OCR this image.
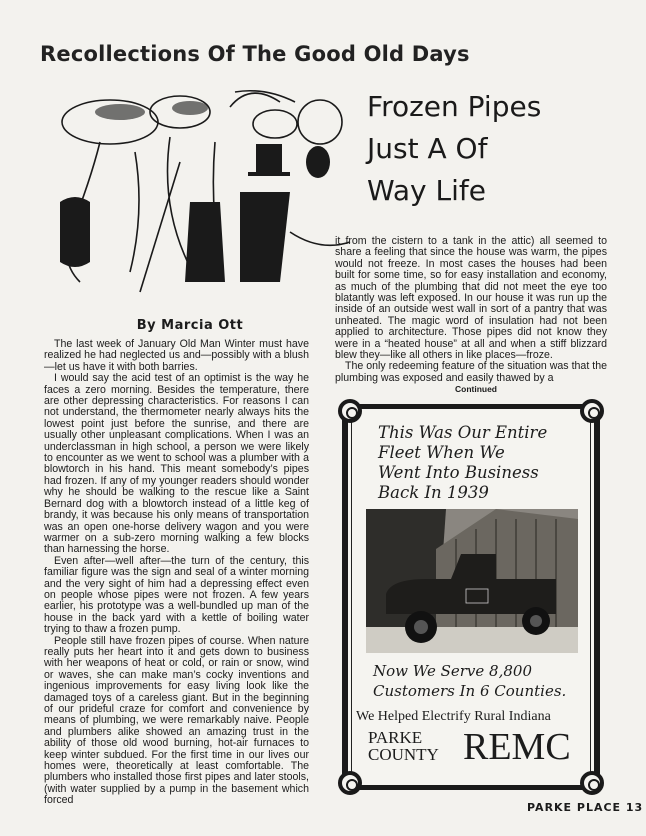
Recollections Of The Good Old Days
Frozen Pipes
Just A Of
Way Life
By Marcia Ott

The last week of January Old Man Winter must have realized he had neglected us and—possibly with a blush—let us have it with both barries.

I would say the acid test of an optimist is the way he faces a zero morning. Besides the temperature, there are other depressing characteristics. For reasons I can not understand, the thermometer nearly always hits the lowest point just before the sunrise, and there are usually other unpleasant complications. When I was an underclassman in high school, a person we were likely to encounter as we went to school was a plumber with a blowtorch in his hand. This meant somebody’s pipes had frozen. If any of my younger readers should wonder why he should be walking to the rescue like a Saint Bernard dog with a blowtorch instead of a little keg of brandy, it was because his only means of transportation was an open one-horse delivery wagon and you were warmer on a sub-zero morning walking a few blocks than harnessing the horse.

Even after—well after—the turn of the century, this familiar figure was the sign and seal of a winter morning and the very sight of him had a depressing effect even on people whose pipes were not frozen. A few years earlier, his prototype was a well-bundled up man of the house in the back yard with a kettle of boiling water trying to thaw a frozen pump.

People still have frozen pipes of course. When nature really puts her heart into it and gets down to business with her weapons of heat or cold, or rain or snow, wind or waves, she can make man’s cocky inventions and ingenious improvements for easy living look like the damaged toys of a careless giant. But in the beginning of our prideful craze for comfort and convenience by means of plumbing, we were remarkably naive. People and plumbers alike showed an amazing trust in the ability of those old wood burning, hot-air furnaces to keep winter subdued. For the first time in our lives our homes were, theoretically at least comfortable. The plumbers who installed those first pipes and later stools, (with water supplied by a pump in the basement which forced

it from the cistern to a tank in the attic) all seemed to share a feeling that since the house was warm, the pipes would not freeze. In most cases the houses had been built for some time, so for easy installation and economy, as much of the plumbing that did not meet the eye too blatantly was left exposed. In our house it was run up the inside of an outside west wall in sort of a pantry that was unheated. The magic word of insulation had not been applied to architecture. Those pipes did not know they were in a “heated house” at all and when a stiff blizzard blew they—like all others in like places—froze.

The only redeeming feature of the situation was that the plumbing was exposed and easily thawed by a

Continued

This Was Our Entire
Fleet When We
Went Into Business
Back In 1939
Now We Serve 8,800
Customers In 6 Counties.
We Helped Electrify Rural Indiana
PARKE
COUNTY REMC
PARKE PLACE 13
